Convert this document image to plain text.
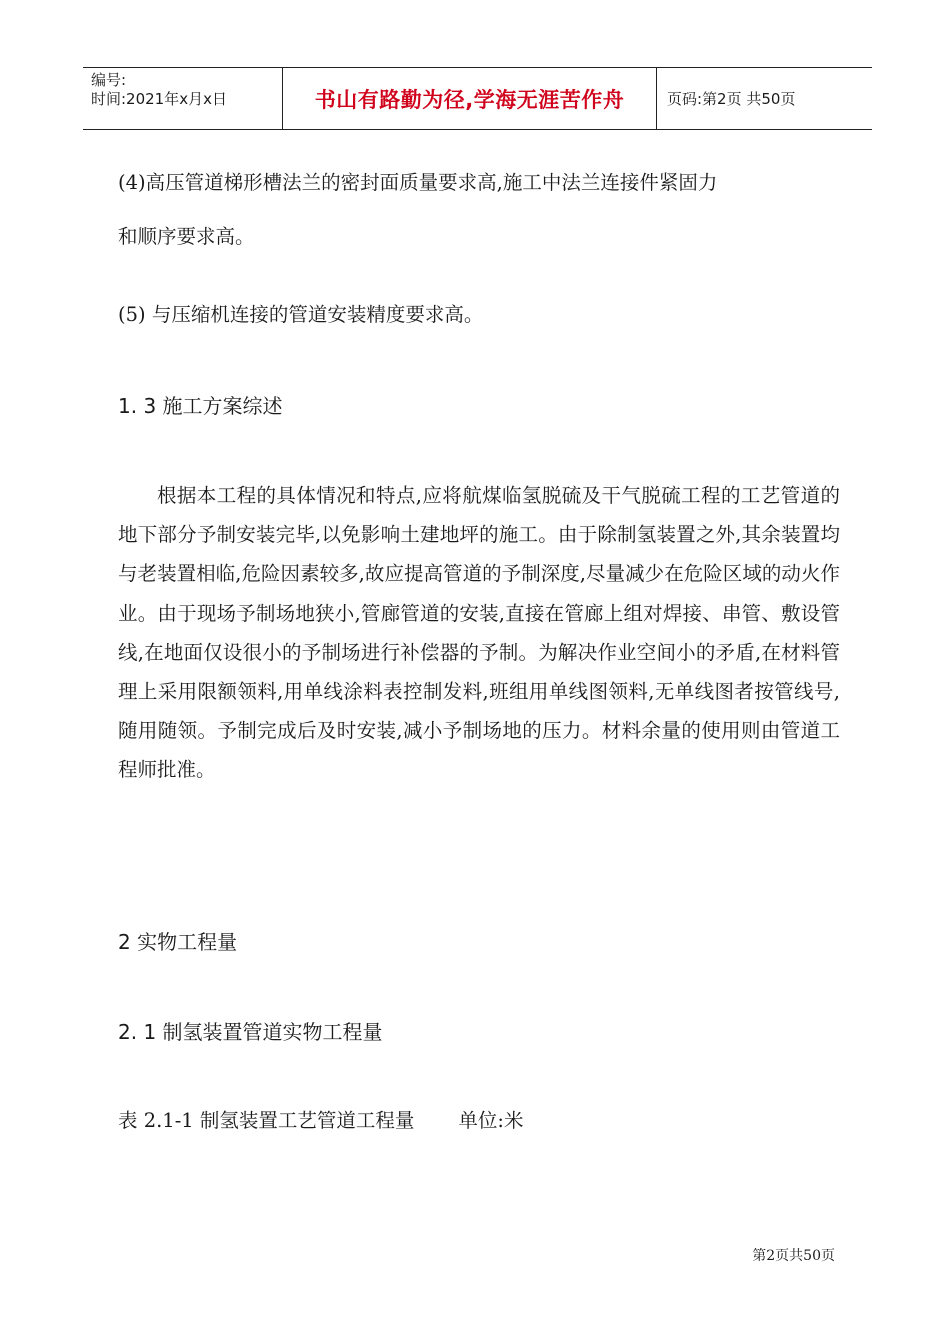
编号:
时间:2021年x月x日	书山有路勤为径,学海无涯苦作舟	页码:第2页 共50页

(4)高压管道梯形槽法兰的密封面质量要求高,施工中法兰连接件紧固力

和顺序要求高。

(5) 与压缩机连接的管道安装精度要求高。

1. 3 施工方案综述

根据本工程的具体情况和特点,应将航煤临氢脱硫及干气脱硫工程的工艺管道的地下部分予制安装完毕,以免影响土建地坪的施工。由于除制氢装置之外,其余装置均与老装置相临,危险因素较多,故应提高管道的予制深度,尽量减少在危险区域的动火作业。由于现场予制场地狭小,管廊管道的安装,直接在管廊上组对焊接、串管、敷设管线,在地面仅设很小的予制场进行补偿器的予制。为解决作业空间小的矛盾,在材料管理上采用限额领料,用单线涂料表控制发料,班组用单线图领料,无单线图者按管线号,随用随领。予制完成后及时安装,减小予制场地的压力。材料余量的使用则由管道工程师批准。

2 实物工程量

2. 1 制氢装置管道实物工程量

表 2.1-1 制氢装置工艺管道工程量 单位:米

第2页共50页
